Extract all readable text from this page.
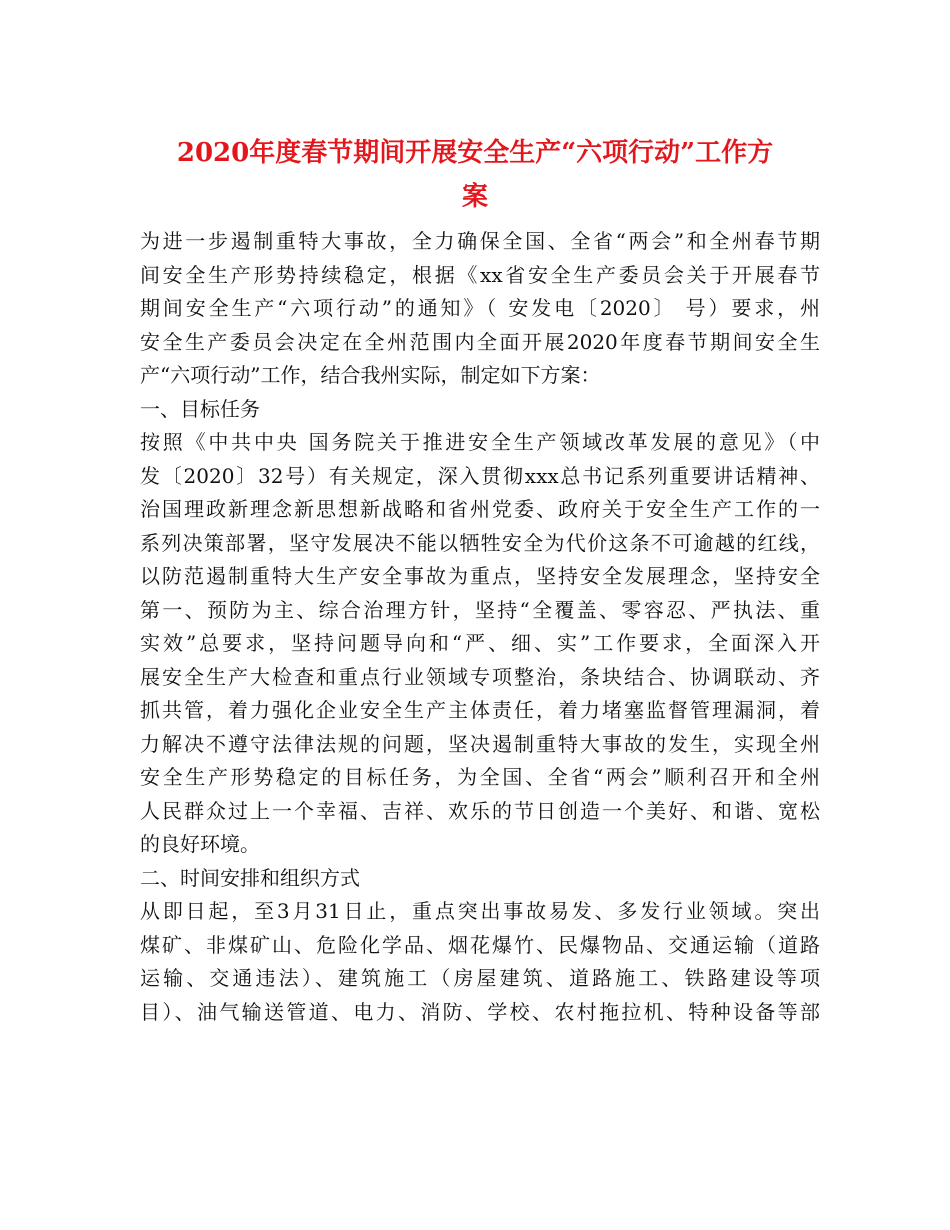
2020年度春节期间开展安全生产“六项行动”工作方
案
为进一步遏制重特大事故，全力确保全国、全省“两会”和全州春节期
间安全生产形势持续稳定，根据《xx省安全生产委员会关于开展春节
期间安全生产“六项行动”的通知》（ 安发电〔2020〕 号）要求，州
安全生产委员会决定在全州范围内全面开展2020年度春节期间安全生
产“六项行动”工作，结合我州实际，制定如下方案：
一、目标任务
按照《中共中央 国务院关于推进安全生产领域改革发展的意见》（中
发〔2020〕32号）有关规定，深入贯彻xxx总书记系列重要讲话精神、
治国理政新理念新思想新战略和省州党委、政府关于安全生产工作的一
系列决策部署，坚守发展决不能以牺牲安全为代价这条不可逾越的红线，
以防范遏制重特大生产安全事故为重点，坚持安全发展理念，坚持安全
第一、预防为主、综合治理方针，坚持“全覆盖、零容忍、严执法、重
实效”总要求，坚持问题导向和“严、细、实”工作要求，全面深入开
展安全生产大检查和重点行业领域专项整治，条块结合、协调联动、齐
抓共管，着力强化企业安全生产主体责任，着力堵塞监督管理漏洞，着
力解决不遵守法律法规的问题，坚决遏制重特大事故的发生，实现全州
安全生产形势稳定的目标任务，为全国、全省“两会”顺利召开和全州
人民群众过上一个幸福、吉祥、欢乐的节日创造一个美好、和谐、宽松
的良好环境。
二、时间安排和组织方式
从即日起，至3月31日止，重点突出事故易发、多发行业领域。突出
煤矿、非煤矿山、危险化学品、烟花爆竹、民爆物品、交通运输（道路
运输、交通违法）、建筑施工（房屋建筑、道路施工、铁路建设等项
目）、油气输送管道、电力、消防、学校、农村拖拉机、特种设备等部
